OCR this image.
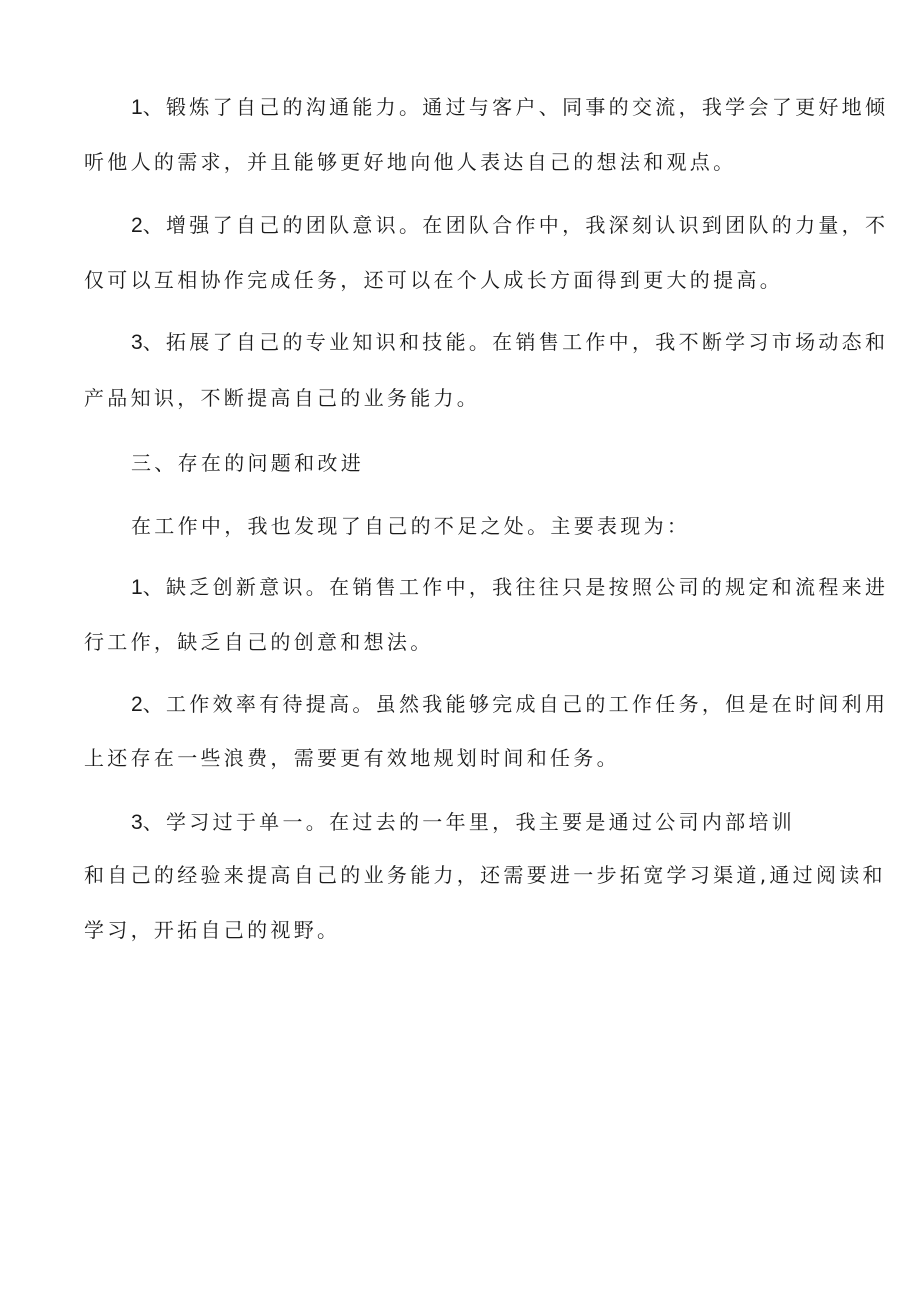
1、锻炼了自己的沟通能力。通过与客户、同事的交流，我学会了更好地倾

听他人的需求，并且能够更好地向他人表达自己的想法和观点。

2、增强了自己的团队意识。在团队合作中，我深刻认识到团队的力量，不

仅可以互相协作完成任务，还可以在个人成长方面得到更大的提高。

3、拓展了自己的专业知识和技能。在销售工作中，我不断学习市场动态和

产品知识，不断提高自己的业务能力。

三、存在的问题和改进

在工作中，我也发现了自己的不足之处。主要表现为：

1、缺乏创新意识。在销售工作中，我往往只是按照公司的规定和流程来进

行工作，缺乏自己的创意和想法。

2、工作效率有待提高。虽然我能够完成自己的工作任务，但是在时间利用

上还存在一些浪费，需要更有效地规划时间和任务。

3、学习过于单一。在过去的一年里，我主要是通过公司内部培训

和自己的经验来提高自己的业务能力，还需要进一步拓宽学习渠道,通过阅读和

学习，开拓自己的视野。
